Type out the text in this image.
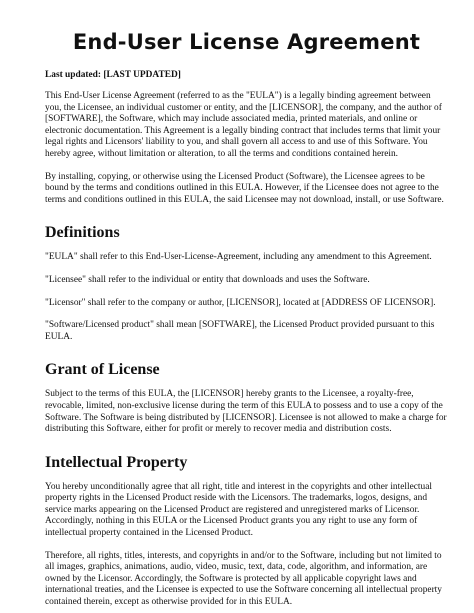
End-User License Agreement
Last updated: [LAST UPDATED]

This End-User License Agreement (referred to as the "EULA") is a legally binding agreement between you, the Licensee, an individual customer or entity, and the [LICENSOR], the company, and the author of [SOFTWARE], the Software, which may include associated media, printed materials, and online or electronic documentation. This Agreement is a legally binding contract that includes terms that limit your legal rights and Licensors' liability to you, and shall govern all access to and use of this Software. You hereby agree, without limitation or alteration, to all the terms and conditions contained herein.

By installing, copying, or otherwise using the Licensed Product (Software), the Licensee agrees to be bound by the terms and conditions outlined in this EULA. However, if the Licensee does not agree to the terms and conditions outlined in this EULA, the said Licensee may not download, install, or use Software.

Definitions

"EULA" shall refer to this End-User-License-Agreement, including any amendment to this Agreement.

"Licensee" shall refer to the individual or entity that downloads and uses the Software.

"Licensor" shall refer to the company or author, [LICENSOR], located at [ADDRESS OF LICENSOR].

"Software/Licensed product" shall mean [SOFTWARE], the Licensed Product provided pursuant to this EULA.

Grant of License

Subject to the terms of this EULA, the [LICENSOR] hereby grants to the Licensee, a royalty-free, revocable, limited, non-exclusive license during the term of this EULA to possess and to use a copy of the Software. The Software is being distributed by [LICENSOR]. Licensee is not allowed to make a charge for distributing this Software, either for profit or merely to recover media and distribution costs.

Intellectual Property

You hereby unconditionally agree that all right, title and interest in the copyrights and other intellectual property rights in the Licensed Product reside with the Licensors. The trademarks, logos, designs, and service marks appearing on the Licensed Product are registered and unregistered marks of Licensor. Accordingly, nothing in this EULA or the Licensed Product grants you any right to use any form of intellectual property contained in the Licensed Product.

Therefore, all rights, titles, interests, and copyrights in and/or to the Software, including but not limited to all images, graphics, animations, audio, video, music, text, data, code, algorithm, and information, are owned by the Licensor. Accordingly, the Software is protected by all applicable copyright laws and international treaties, and the Licensee is expected to use the Software concerning all intellectual property contained therein, except as otherwise provided for in this EULA.
